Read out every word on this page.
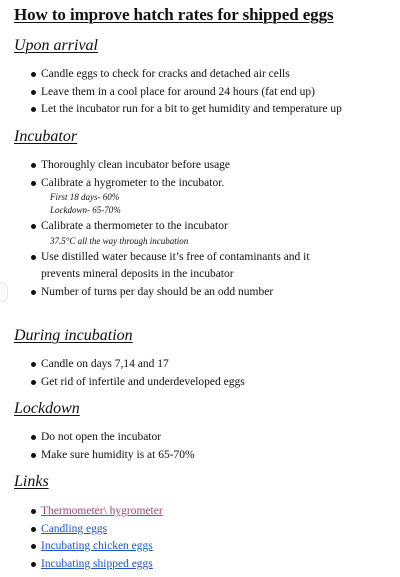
How to improve hatch rates for shipped eggs
Upon arrival
Candle eggs to check for cracks and detached air cells
Leave them in a cool place for around 24 hours (fat end up)
Let the incubator run for a bit to get humidity and temperature up
Incubator
Thoroughly clean incubator before usage
Calibrate a hygrometer to the incubator.
First 18 days- 60%
Lockdown- 65-70%
Calibrate a thermometer to the incubator
37.5°C all the way through incubation
Use distilled water because it’s free of contaminants and it prevents mineral deposits in the incubator
Number of turns per day should be an odd number
During incubation
Candle on days 7,14 and 17
Get rid of infertile and underdeveloped eggs
Lockdown
Do not open the incubator
Make sure humidity is at 65-70%
Links
Thermometer\ hygrometer
Candling eggs
Incubating chicken eggs
Incubating shipped eggs
